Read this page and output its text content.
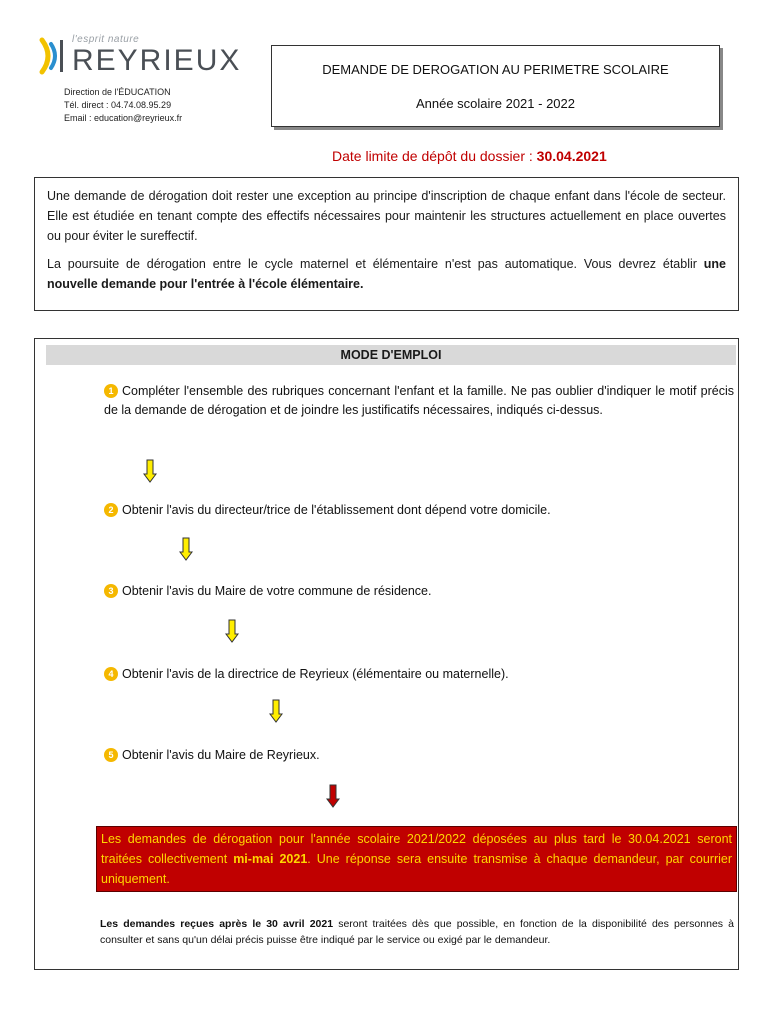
l'esprit nature
REYRIEUX
Direction de l'ÉDUCATION
Tél. direct : 04.74.08.95.29
Email : education@reyrieux.fr
DEMANDE DE DEROGATION AU PERIMETRE SCOLAIRE
Année scolaire 2021 - 2022
Date limite de dépôt du dossier : 30.04.2021

Une demande de dérogation doit rester une exception au principe d'inscription de chaque enfant dans l'école de secteur. Elle est étudiée en tenant compte des effectifs nécessaires pour maintenir les structures actuellement en place ouvertes ou pour éviter le sureffectif.

La poursuite de dérogation entre le cycle maternel et élémentaire n'est pas automatique. Vous devrez établir une nouvelle demande pour l'entrée à l'école élémentaire.

MODE D'EMPLOI
1 Compléter l'ensemble des rubriques concernant l'enfant et la famille. Ne pas oublier d'indiquer le motif précis de la demande de dérogation et de joindre les justificatifs nécessaires, indiqués ci-dessus.
2 Obtenir l'avis du directeur/trice de l'établissement dont dépend votre domicile.
3 Obtenir l'avis du Maire de votre commune de résidence.
4 Obtenir l'avis de la directrice de Reyrieux (élémentaire ou maternelle).
5 Obtenir l'avis du Maire de Reyrieux.
Les demandes de dérogation pour l'année scolaire 2021/2022 déposées au plus tard le 30.04.2021 seront traitées collectivement mi-mai 2021. Une réponse sera ensuite transmise à chaque demandeur, par courrier uniquement.
Les demandes reçues après le 30 avril 2021 seront traitées dès que possible, en fonction de la disponibilité des personnes à consulter et sans qu'un délai précis puisse être indiqué par le service ou exigé par le demandeur.
